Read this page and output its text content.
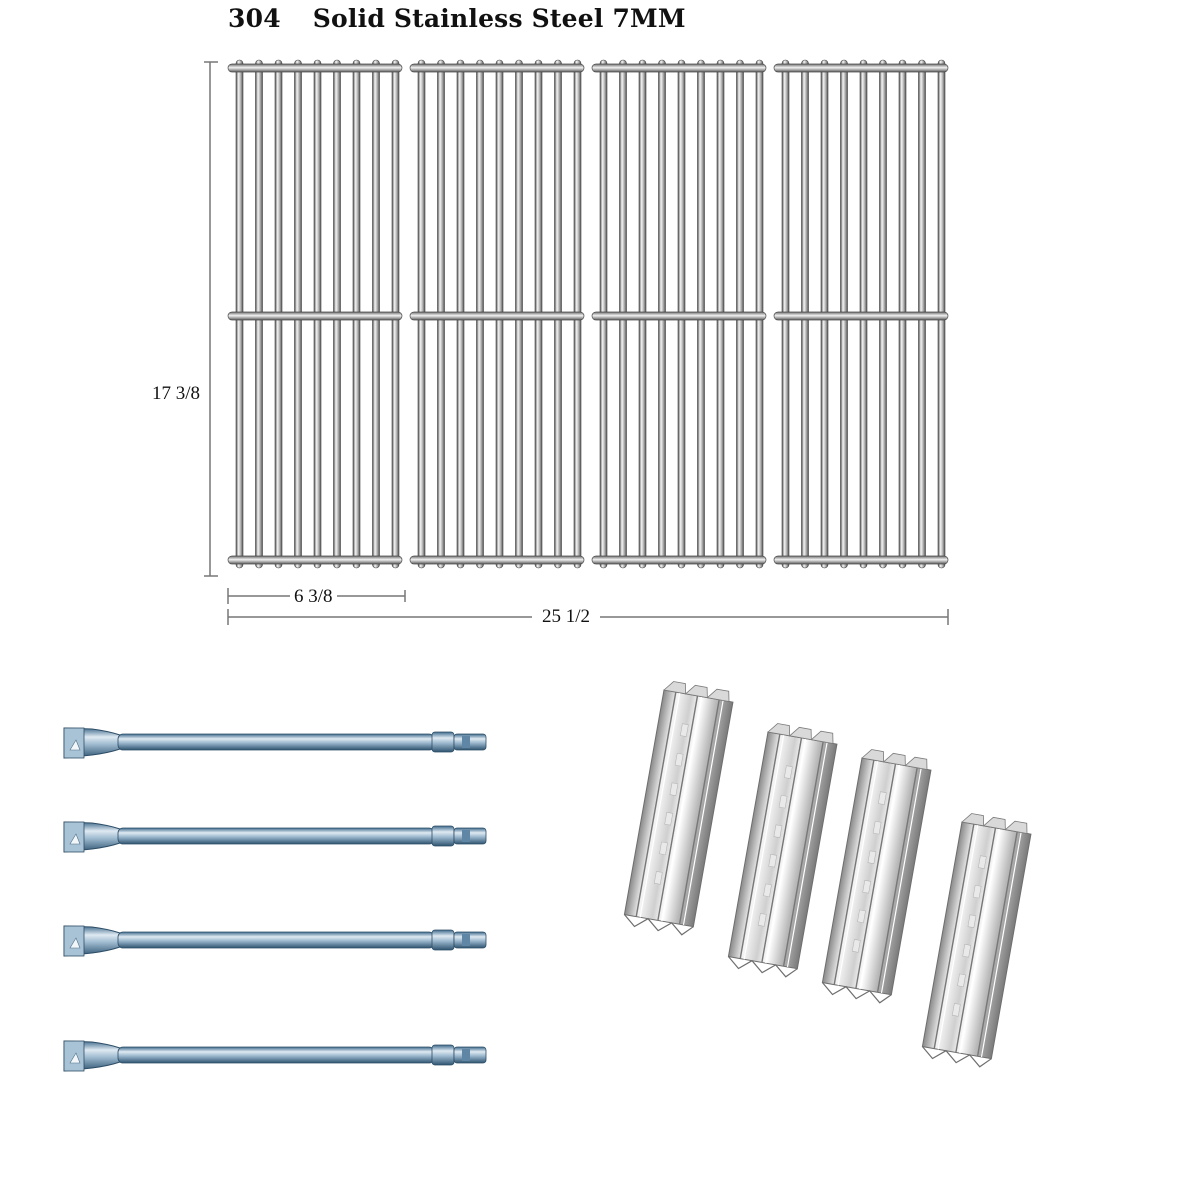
304 Solid Stainless Steel 7MM
17 3/8
6 3/8
25 1/2
